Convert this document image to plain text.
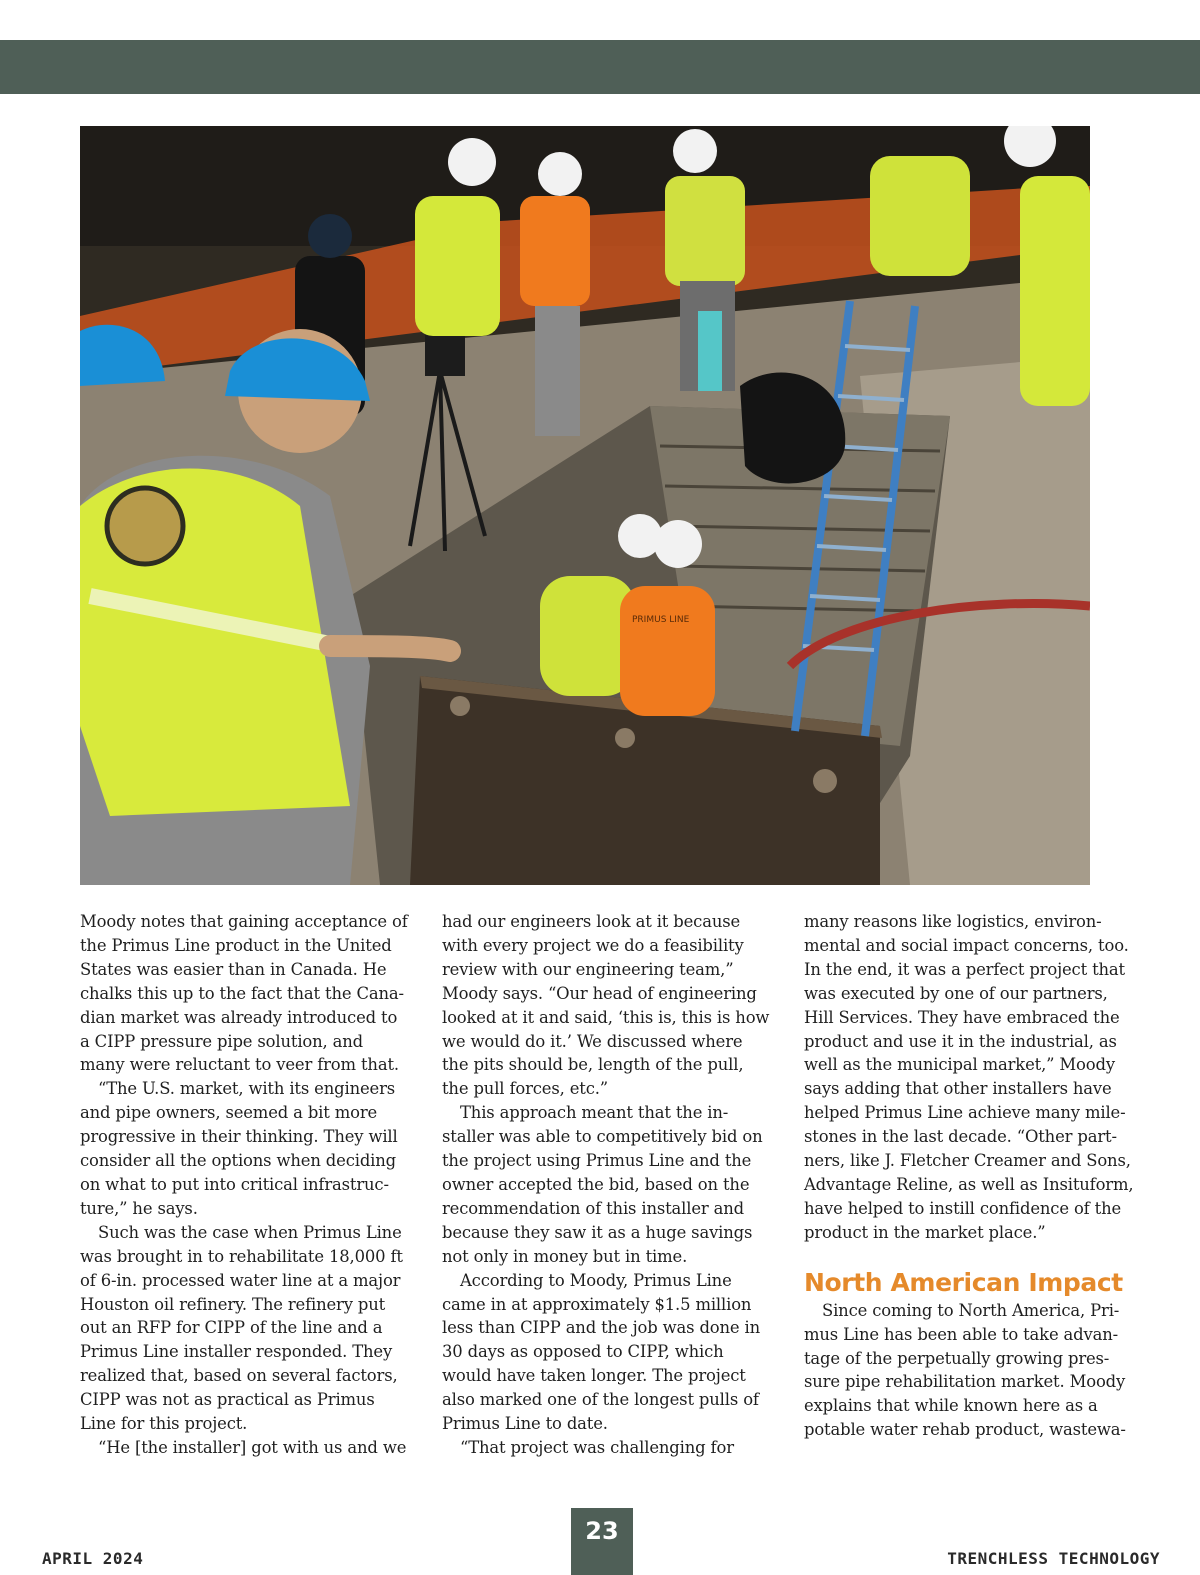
PRIMUS LINE

Moody notes that gaining acceptance of the Primus Line product in the United States was easier than in Canada. He chalks this up to the fact that the Cana-dian market was already introduced to a CIPP pressure pipe solution, and many were reluctant to veer from that.

“The U.S. market, with its engineers and pipe owners, seemed a bit more progressive in their thinking. They will consider all the options when deciding on what to put into critical infrastruc-ture,” he says.

Such was the case when Primus Line was brought in to rehabilitate 18,000 ft of 6-in. processed water line at a major Houston oil refinery. The refinery put out an RFP for CIPP of the line and a Primus Line installer responded. They realized that, based on several factors, CIPP was not as practical as Primus Line for this project.

“He [the installer] got with us and we

had our engineers look at it because with every project we do a feasibility review with our engineering team,” Moody says. “Our head of engineering looked at it and said, ‘this is, this is how we would do it.’ We discussed where the pits should be, length of the pull, the pull forces, etc.”

This approach meant that the in-staller was able to competitively bid on the project using Primus Line and the owner accepted the bid, based on the recommendation of this installer and because they saw it as a huge savings not only in money but in time.

According to Moody, Primus Line came in at approximately $1.5 million less than CIPP and the job was done in 30 days as opposed to CIPP, which would have taken longer. The project also marked one of the longest pulls of Primus Line to date.

“That project was challenging for

many reasons like logistics, environ-mental and social impact concerns, too. In the end, it was a perfect project that was executed by one of our partners, Hill Services. They have embraced the product and use it in the industrial, as well as the municipal market,” Moody says adding that other installers have helped Primus Line achieve many mile-stones in the last decade. “Other part-ners, like J. Fletcher Creamer and Sons, Advantage Reline, as well as Insituform, have helped to instill confidence of the product in the market place.”

North American Impact

Since coming to North America, Pri-mus Line has been able to take advan-tage of the perpetually growing pres-sure pipe rehabilitation market. Moody explains that while known here as a potable water rehab product, wastewa-

APRIL 2024
23
TRENCHLESS TECHNOLOGY
